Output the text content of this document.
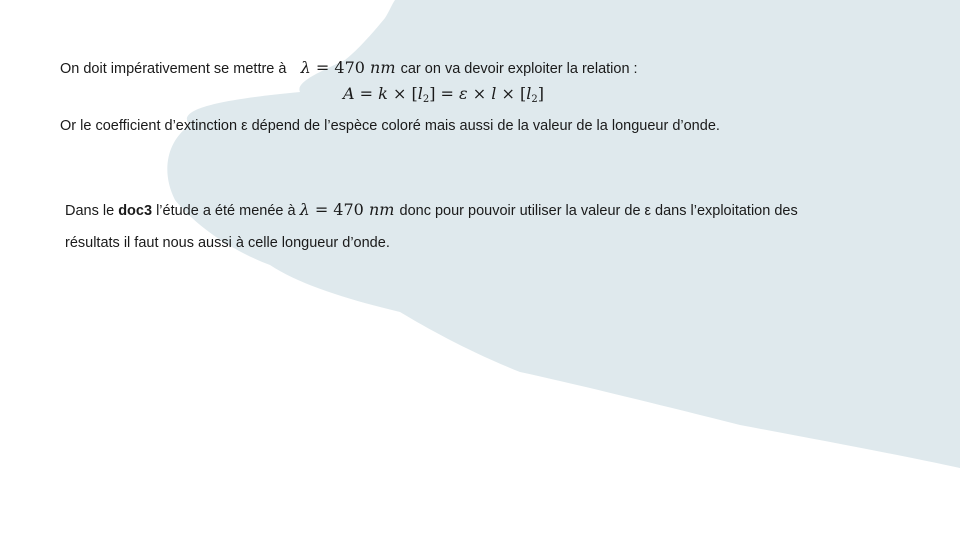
On doit impérativement se mettre à λ = 470 nm car on va devoir exploiter la relation :
$A = k \times [l_2] = \varepsilon \times l \times [l_2]$
Or le coefficient d’extinction ε dépend de l’espèce coloré mais aussi de la valeur de la longueur d’onde.
Dans le doc3 l’étude a été menée à λ = 470 nm donc pour pouvoir utiliser la valeur de ε dans l’exploitation des
résultats il faut nous aussi à celle longueur d’onde.
